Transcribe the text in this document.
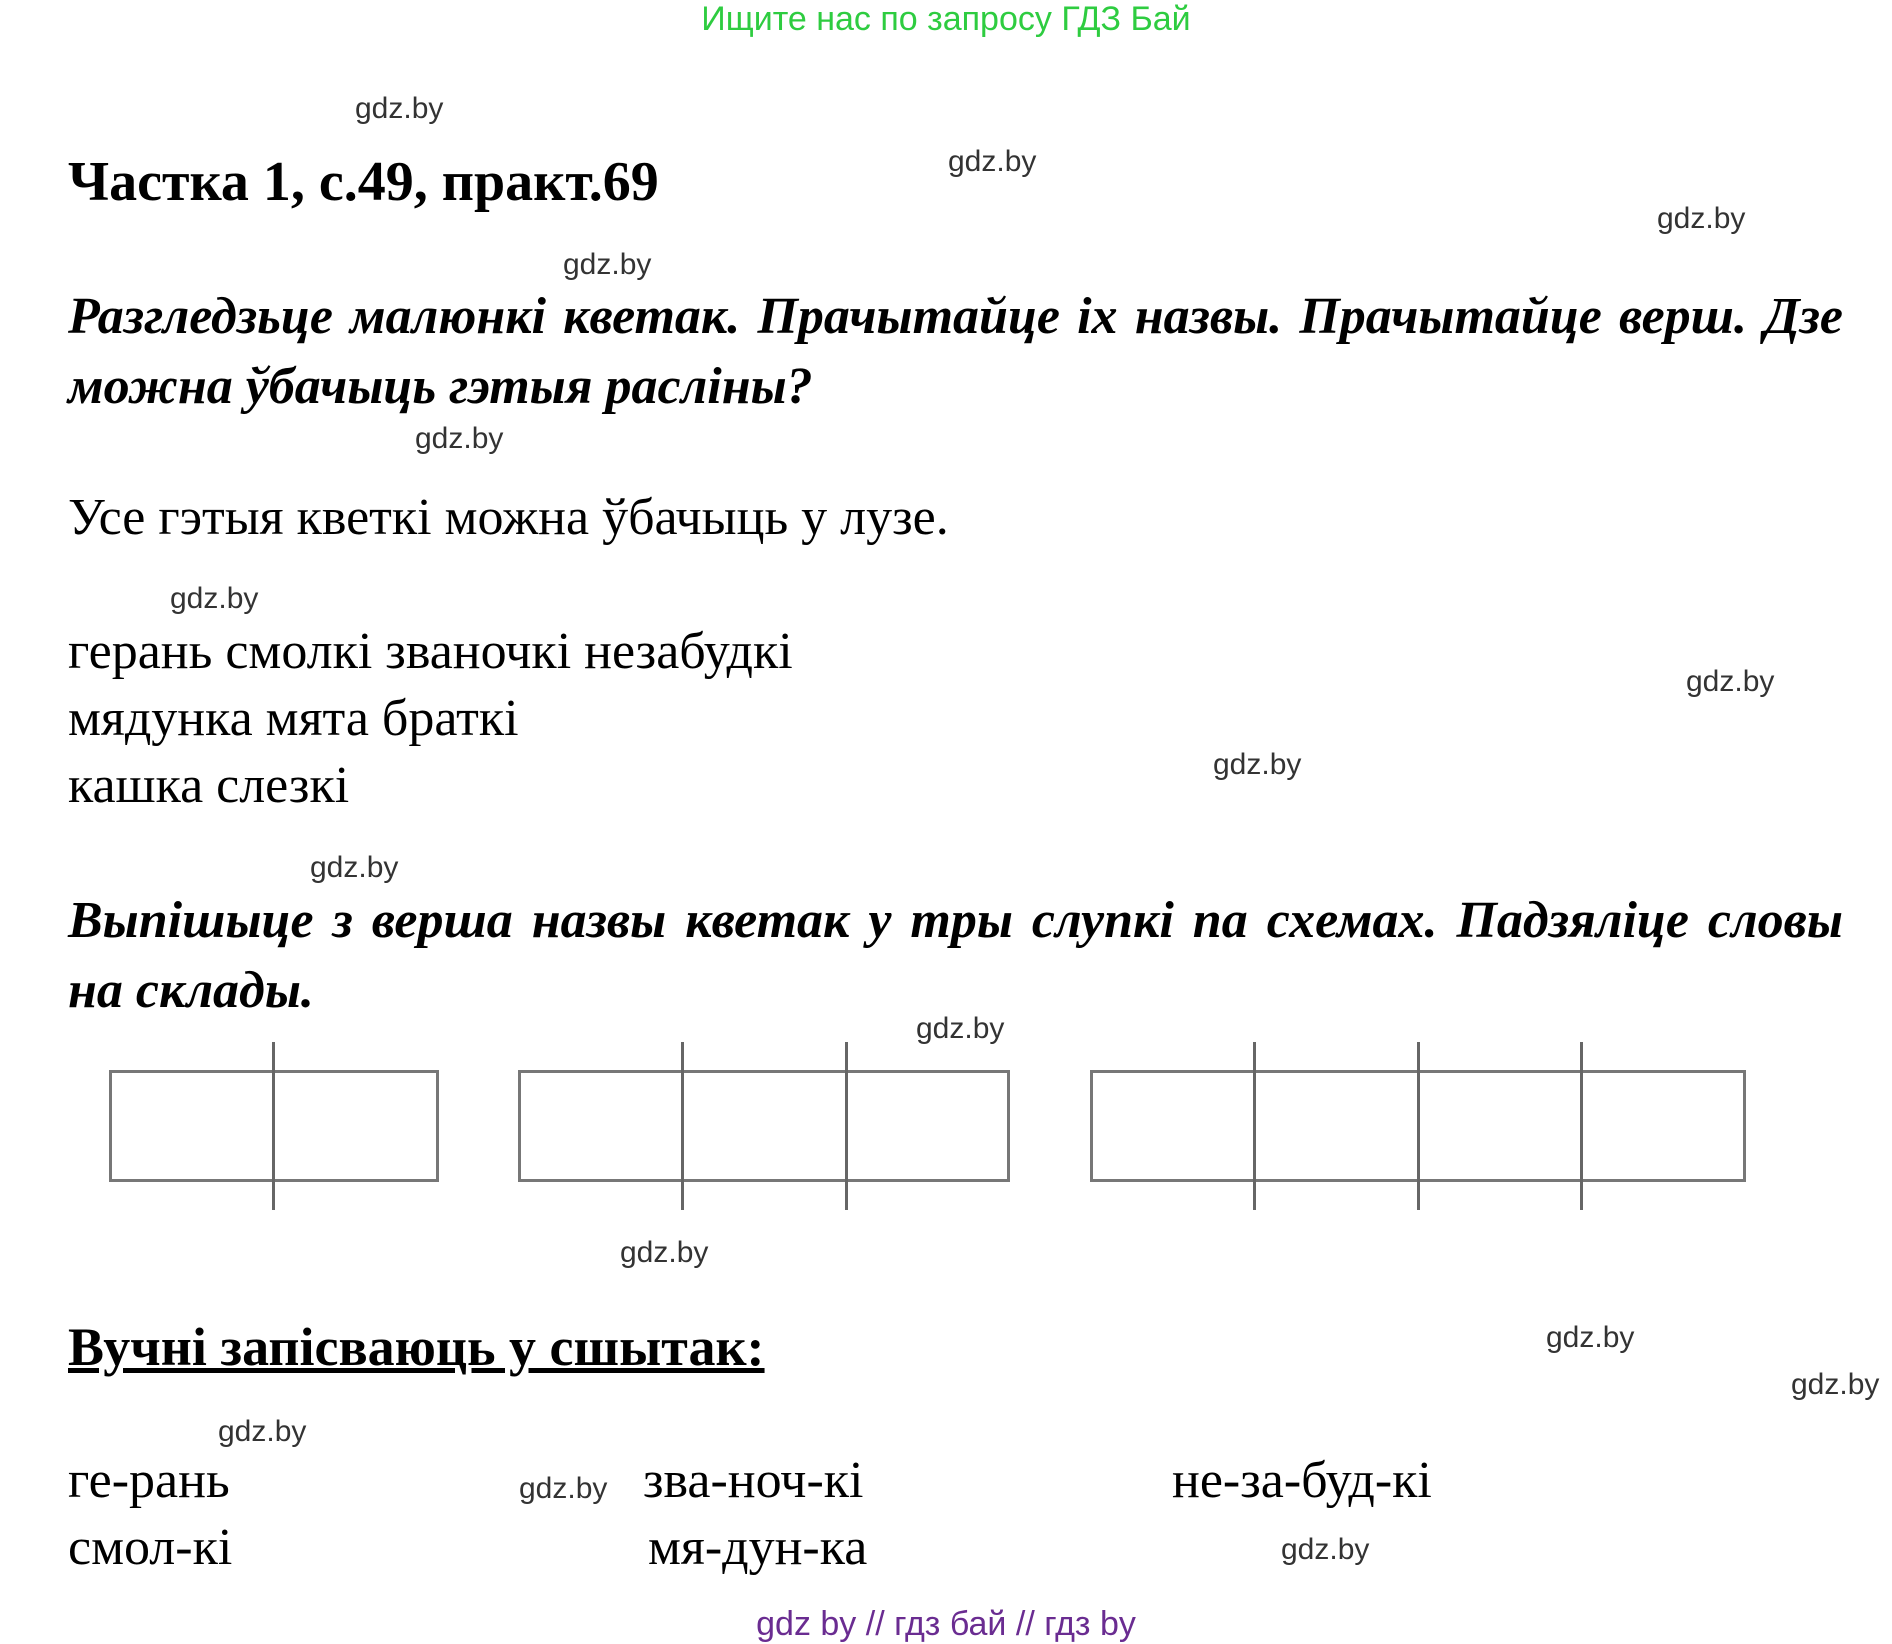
Ищите нас по запросу ГДЗ Бай
gdz.by
gdz.by
gdz.by
gdz.by
gdz.by
gdz.by
gdz.by
gdz.by
gdz.by
gdz.by
gdz.by
gdz.by
gdz.by
gdz.by
gdz.by
gdz.by
Частка 1, с.49, практ.69
Разгледзьце малюнкі кветак. Прачытайце іх назвы. Прачытайце верш. Дзе можна ўбачыць гэтыя расліны?
Усе гэтыя кветкі можна ўбачыць у лузе.
герань смолкі званочкі незабудкі
мядунка мята браткі
кашка слезкі
Выпішыце з верша назвы кветак у тры слупкі па схемах. Падзяліце словы на склады.
Вучні запісваюць у сшытак:
ге-рань
смол-кі
зва-ноч-кі
мя-дун-ка
не-за-буд-кі
gdz by // гдз бай // гдз by
